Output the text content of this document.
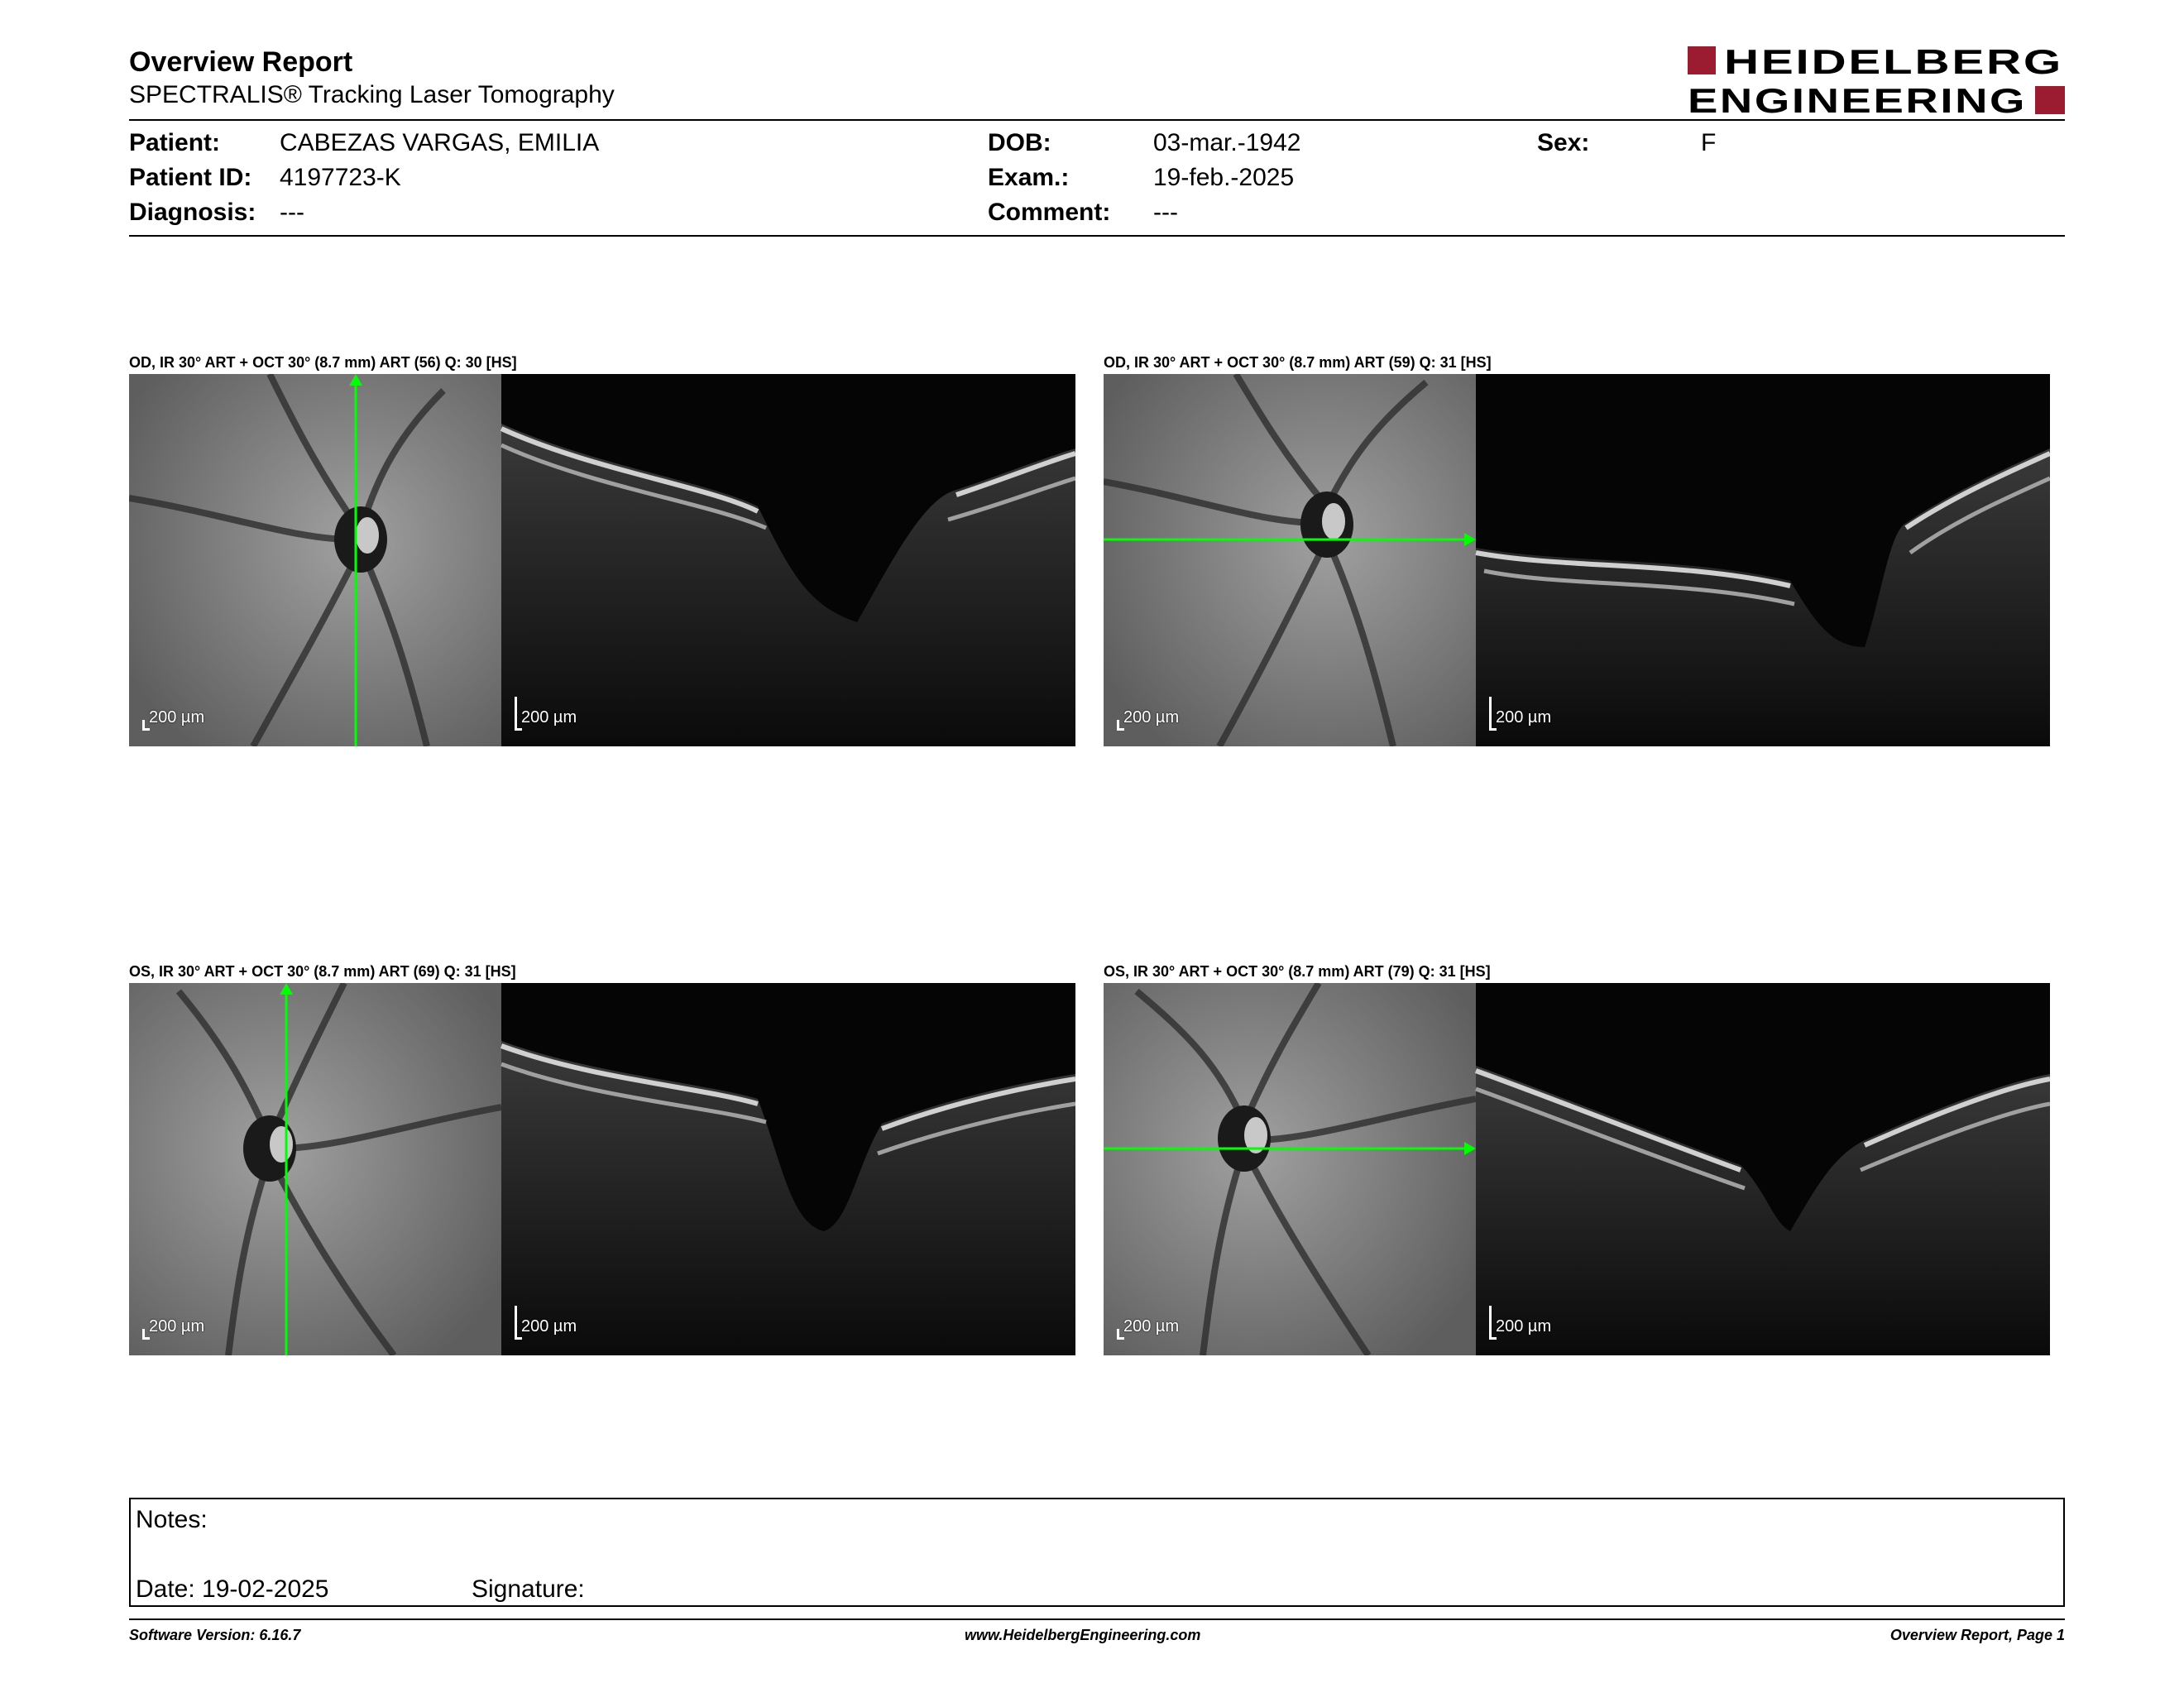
Overview Report
SPECTRALIS® Tracking Laser Tomography
HEIDELBERG
ENGINEERING
Patient: CABEZAS VARGAS, EMILIA
Patient ID: 4197723-K
Diagnosis: ---
DOB:	03-mar.-1942
Exam.:	19-feb.-2025
Comment: ---
Sex:	F
OD, IR 30° ART + OCT 30° (8.7 mm) ART (56) Q: 30 [HS]
200 µm	200 µm
OD, IR 30° ART + OCT 30° (8.7 mm) ART (59) Q: 31 [HS]
200 µm	200 µm
OS, IR 30° ART + OCT 30° (8.7 mm) ART (69) Q: 31 [HS]
200 µm	200 µm
OS, IR 30° ART + OCT 30° (8.7 mm) ART (79) Q: 31 [HS]
200 µm	200 µm
Notes:
Date: 19-02-2025	Signature:
Software Version: 6.16.7	www.HeidelbergEngineering.com	Overview Report, Page 1
